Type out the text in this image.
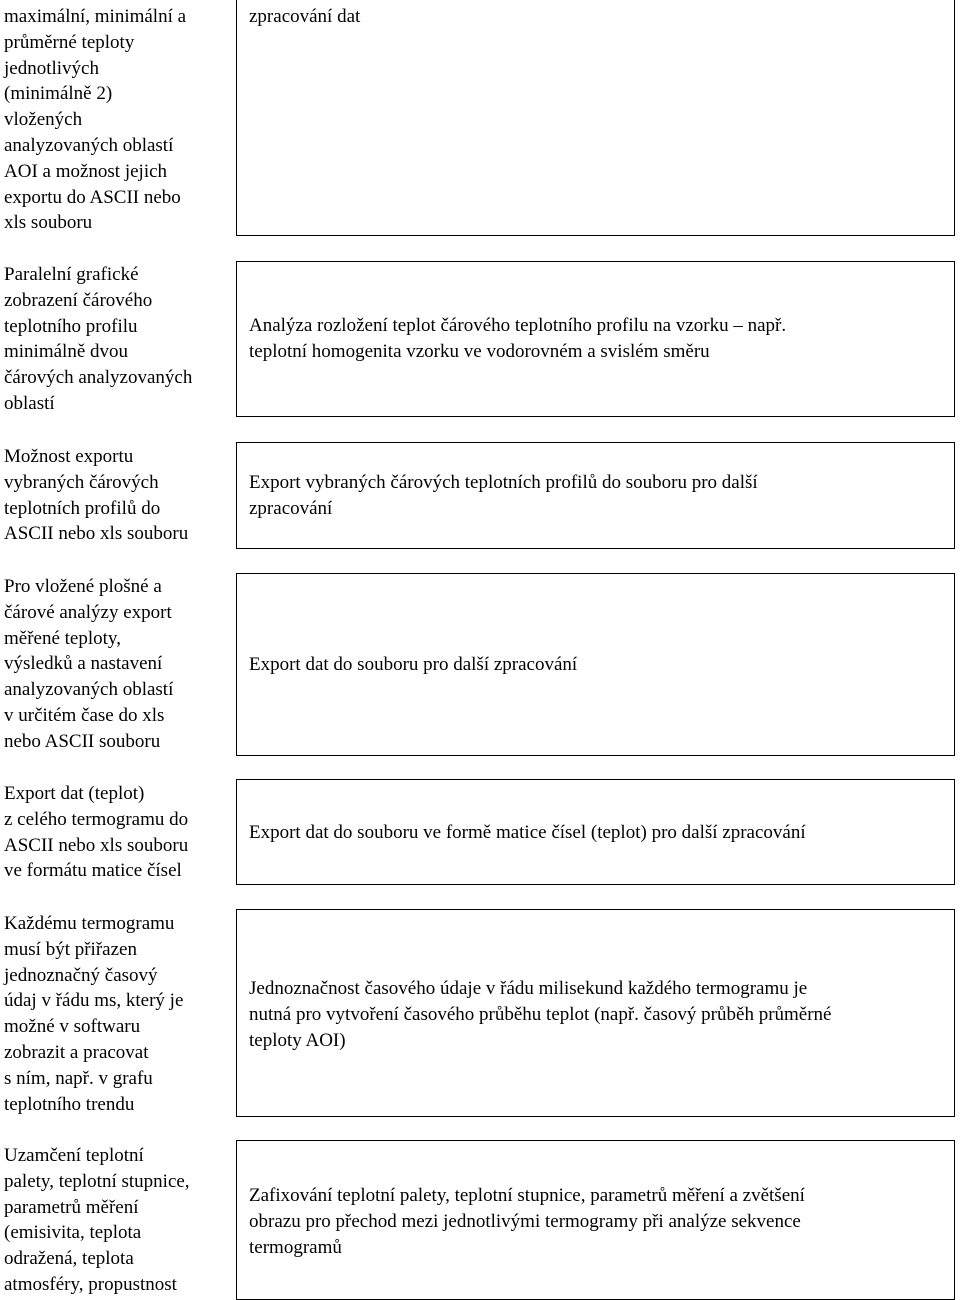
maximální, minimální a
průměrné teploty
jednotlivých
(minimálně 2)
vložených
analyzovaných oblastí
AOI a možnost jejich
exportu do ASCII nebo
xls souboru
zpracování dat
Paralelní grafické
zobrazení čárového
teplotního profilu
minimálně dvou
čárových analyzovaných
oblastí
Analýza rozložení teplot čárového teplotního profilu na vzorku – např.
teplotní homogenita vzorku ve vodorovném a svislém směru
Možnost exportu
vybraných čárových
teplotních profilů do
ASCII nebo xls souboru
Export vybraných čárových teplotních profilů do souboru pro další
zpracování
Pro vložené plošné a
čárové analýzy export
měřené teploty,
výsledků a nastavení
analyzovaných oblastí
v určitém čase do xls
nebo ASCII souboru
Export dat do souboru pro další zpracování
Export dat (teplot)
z celého termogramu do
ASCII nebo xls souboru
ve formátu matice čísel
Export dat do souboru ve formě matice čísel (teplot) pro další zpracování
Každému termogramu
musí být přiřazen
jednoznačný časový
údaj v řádu ms, který je
možné v softwaru
zobrazit a pracovat
s ním, např. v grafu
teplotního trendu
Jednoznačnost časového údaje v řádu milisekund každého termogramu je
nutná pro vytvoření časového průběhu teplot (např. časový průběh průměrné
teploty AOI)
Uzamčení teplotní
palety, teplotní stupnice,
parametrů měření
(emisivita, teplota
odražená, teplota
atmosféry, propustnost
Zafixování teplotní palety, teplotní stupnice, parametrů měření a zvětšení
obrazu pro přechod mezi jednotlivými termogramy při analýze sekvence
termogramů
